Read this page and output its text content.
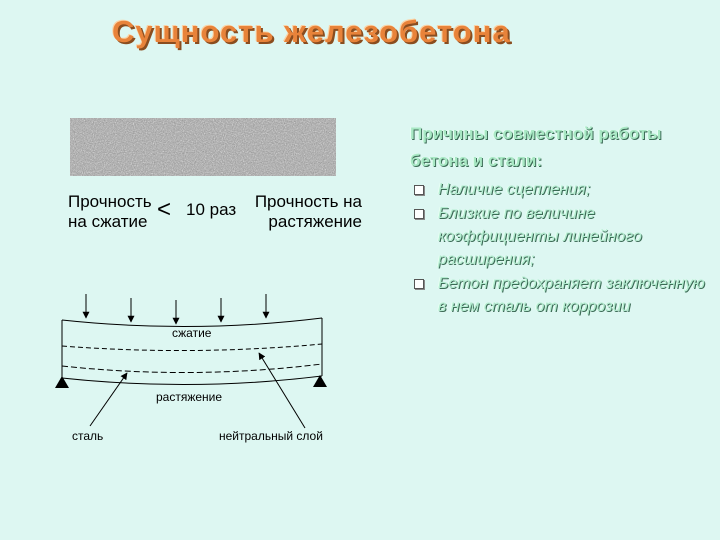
Сущность железобетона
Прочность на сжатие < 10 раз	Прочность на растяжение
сжатие
растяжение
сталь	нейтральный слой
Причины совместной работы бетона и стали:
Наличие сцепления;
Близкие по величине коэффициенты линейного расширения;
Бетон предохраняет заключенную в нем сталь от коррозии
